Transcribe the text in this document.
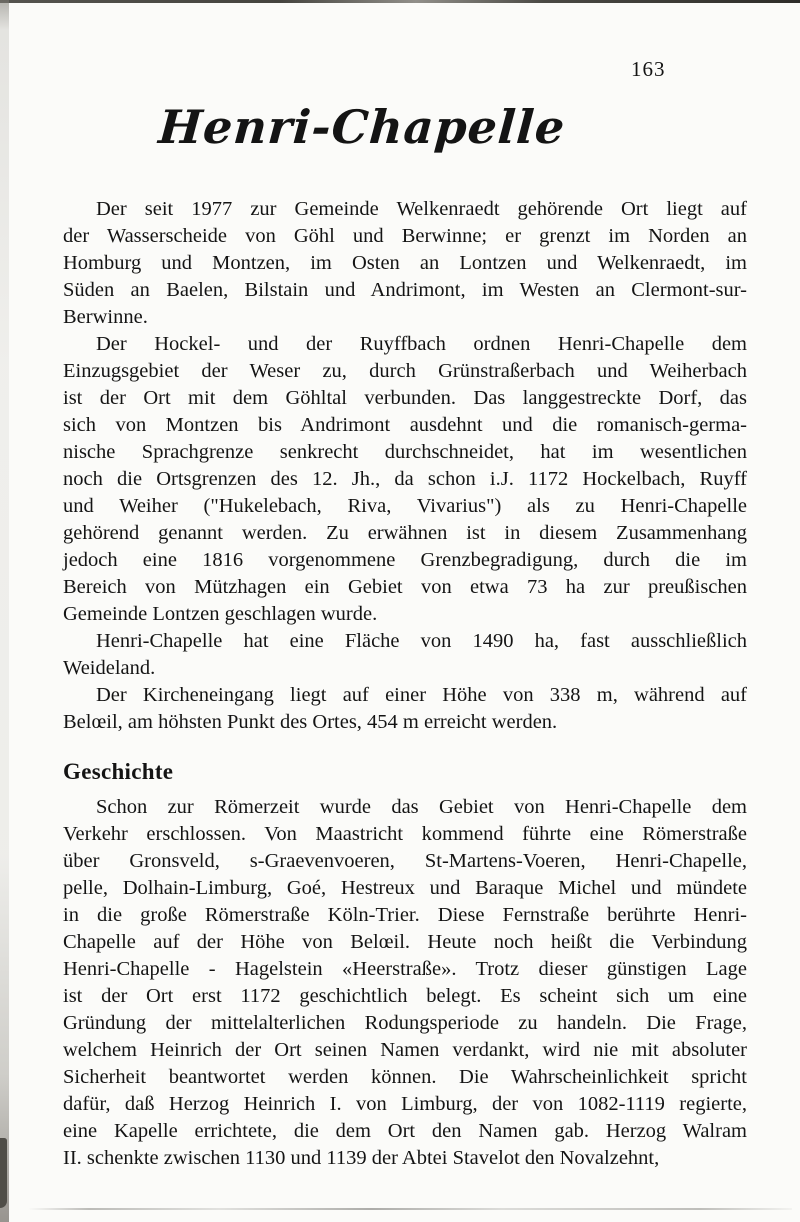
163
Henri-Chapelle
Der seit 1977 zur Gemeinde Welkenraedt gehörende Ort liegt auf
der Wasserscheide von Göhl und Berwinne; er grenzt im Norden an
Homburg und Montzen, im Osten an Lontzen und Welkenraedt, im
Süden an Baelen, Bilstain und Andrimont, im Westen an Clermont-sur-
Berwinne.
Der Hockel- und der Ruyffbach ordnen Henri-Chapelle dem
Einzugsgebiet der Weser zu, durch Grünstraßerbach und Weiherbach
ist der Ort mit dem Göhltal verbunden. Das langgestreckte Dorf, das
sich von Montzen bis Andrimont ausdehnt und die romanisch-germa-
nische Sprachgrenze senkrecht durchschneidet, hat im wesentlichen
noch die Ortsgrenzen des 12. Jh., da schon i.J. 1172 Hockelbach, Ruyff
und Weiher ("Hukelebach, Riva, Vivarius") als zu Henri-Chapelle
gehörend genannt werden. Zu erwähnen ist in diesem Zusammenhang
jedoch eine 1816 vorgenommene Grenzbegradigung, durch die im
Bereich von Mützhagen ein Gebiet von etwa 73 ha zur preußischen
Gemeinde Lontzen geschlagen wurde.
Henri-Chapelle hat eine Fläche von 1490 ha, fast ausschließlich
Weideland.
Der Kircheneingang liegt auf einer Höhe von 338 m, während auf
Belœil, am höhsten Punkt des Ortes, 454 m erreicht werden.
Geschichte
Schon zur Römerzeit wurde das Gebiet von Henri-Chapelle dem
Verkehr erschlossen. Von Maastricht kommend führte eine Römerstraße
über Gronsveld, s-Graevenvoeren, St-Martens-Voeren, Henri-Chapelle,
pelle, Dolhain-Limburg, Goé, Hestreux und Baraque Michel und mündete
in die große Römerstraße Köln-Trier. Diese Fernstraße berührte Henri-
Chapelle auf der Höhe von Belœil. Heute noch heißt die Verbindung
Henri-Chapelle - Hagelstein «Heerstraße». Trotz dieser günstigen Lage
ist der Ort erst 1172 geschichtlich belegt. Es scheint sich um eine
Gründung der mittelalterlichen Rodungsperiode zu handeln. Die Frage,
welchem Heinrich der Ort seinen Namen verdankt, wird nie mit absoluter
Sicherheit beantwortet werden können. Die Wahrscheinlichkeit spricht
dafür, daß Herzog Heinrich I. von Limburg, der von 1082-1119 regierte,
eine Kapelle errichtete, die dem Ort den Namen gab. Herzog Walram
II. schenkte zwischen 1130 und 1139 der Abtei Stavelot den Novalzehnt,
